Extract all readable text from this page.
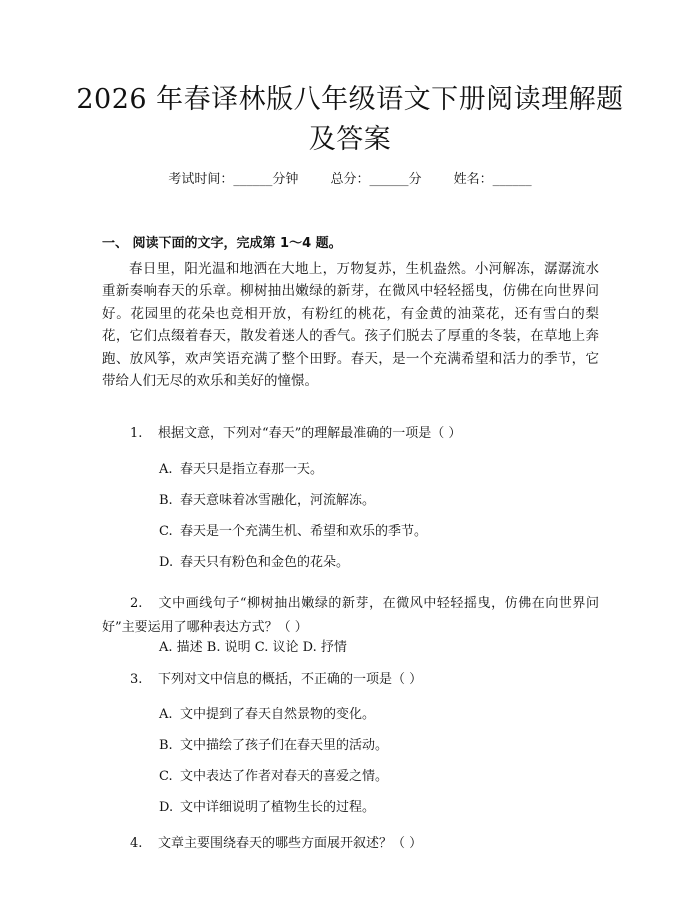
2026 年春译林版八年级语文下册阅读理解题
及答案
考试时间：______分钟 总分：______分 姓名：______
一、 阅读下面的文字，完成第 1～4 题。
春日里，阳光温和地洒在大地上，万物复苏，生机盎然。小河解冻，潺潺流水重新奏响春天的乐章。柳树抽出嫩绿的新芽，在微风中轻轻摇曳，仿佛在向世界问好。花园里的花朵也竞相开放，有粉红的桃花，有金黄的油菜花，还有雪白的梨花，它们点缀着春天，散发着迷人的香气。孩子们脱去了厚重的冬装，在草地上奔跑、放风筝，欢声笑语充满了整个田野。春天，是一个充满希望和活力的季节，它带给人们无尽的欢乐和美好的憧憬。
1. 根据文意，下列对“春天”的理解最准确的一项是（ ）
A. 春天只是指立春那一天。
B. 春天意味着冰雪融化，河流解冻。
C. 春天是一个充满生机、希望和欢乐的季节。
D. 春天只有粉色和金色的花朵。
2. 文中画线句子“柳树抽出嫩绿的新芽，在微风中轻轻摇曳，仿佛在向世界问好”主要运用了哪种表达方式？（ ）
A. 描述 B. 说明 C. 议论 D. 抒情
3. 下列对文中信息的概括，不正确的一项是（ ）
A. 文中提到了春天自然景物的变化。
B. 文中描绘了孩子们在春天里的活动。
C. 文中表达了作者对春天的喜爱之情。
D. 文中详细说明了植物生长的过程。
4. 文章主要围绕春天的哪些方面展开叙述？（ ）
